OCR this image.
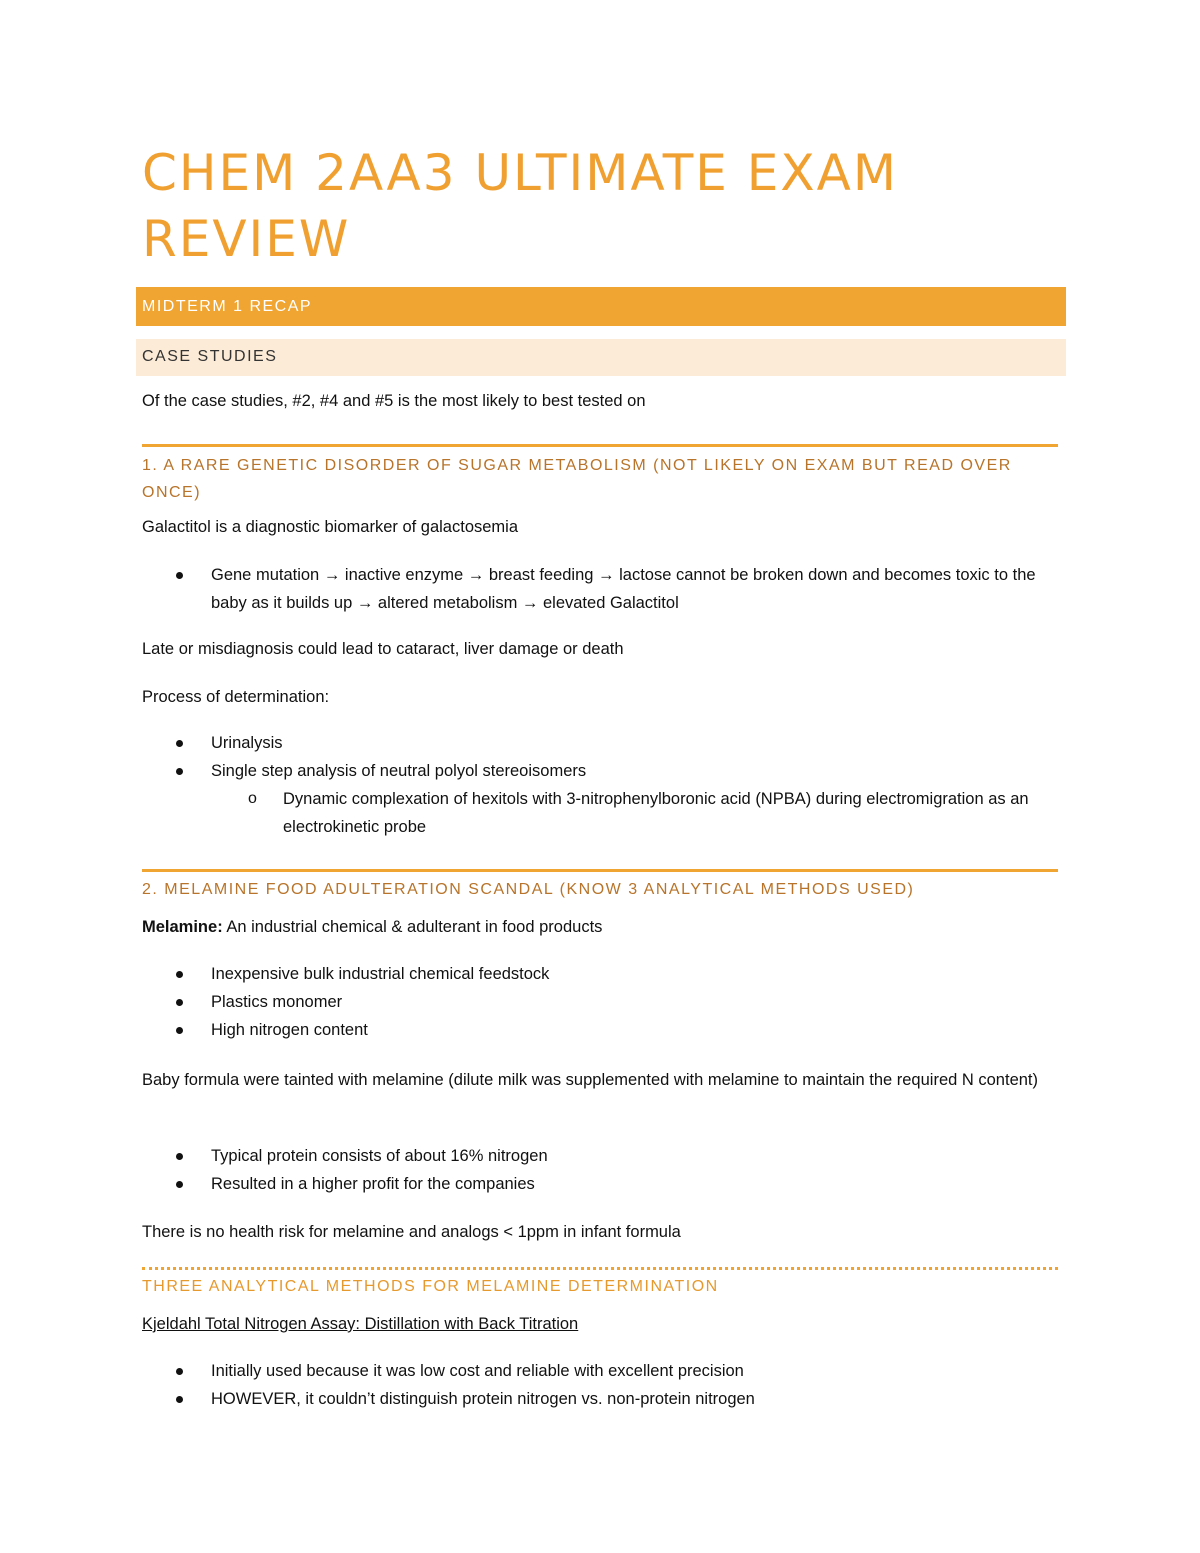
CHEM 2AA3 ULTIMATE EXAM REVIEW
MIDTERM 1 RECAP
CASE STUDIES
Of the case studies, #2, #4 and #5 is the most likely to best tested on
1. A RARE GENETIC DISORDER OF SUGAR METABOLISM (NOT LIKELY ON EXAM BUT READ OVER ONCE)
Galactitol is a diagnostic biomarker of galactosemia
Gene mutation → inactive enzyme → breast feeding → lactose cannot be broken down and becomes toxic to the baby as it builds up → altered metabolism → elevated Galactitol
Late or misdiagnosis could lead to cataract, liver damage or death
Process of determination:
Urinalysis
Single step analysis of neutral polyol stereoisomers
o Dynamic complexation of hexitols with 3-nitrophenylboronic acid (NPBA) during electromigration as an electrokinetic probe
2. MELAMINE FOOD ADULTERATION SCANDAL (KNOW 3 ANALYTICAL METHODS USED)
Melamine: An industrial chemical & adulterant in food products
Inexpensive bulk industrial chemical feedstock
Plastics monomer
High nitrogen content
Baby formula were tainted with melamine (dilute milk was supplemented with melamine to maintain the required N content)
Typical protein consists of about 16% nitrogen
Resulted in a higher profit for the companies
There is no health risk for melamine and analogs < 1ppm in infant formula
THREE ANALYTICAL METHODS FOR MELAMINE DETERMINATION
Kjeldahl Total Nitrogen Assay: Distillation with Back Titration
Initially used because it was low cost and reliable with excellent precision
HOWEVER, it couldn’t distinguish protein nitrogen vs. non-protein nitrogen
